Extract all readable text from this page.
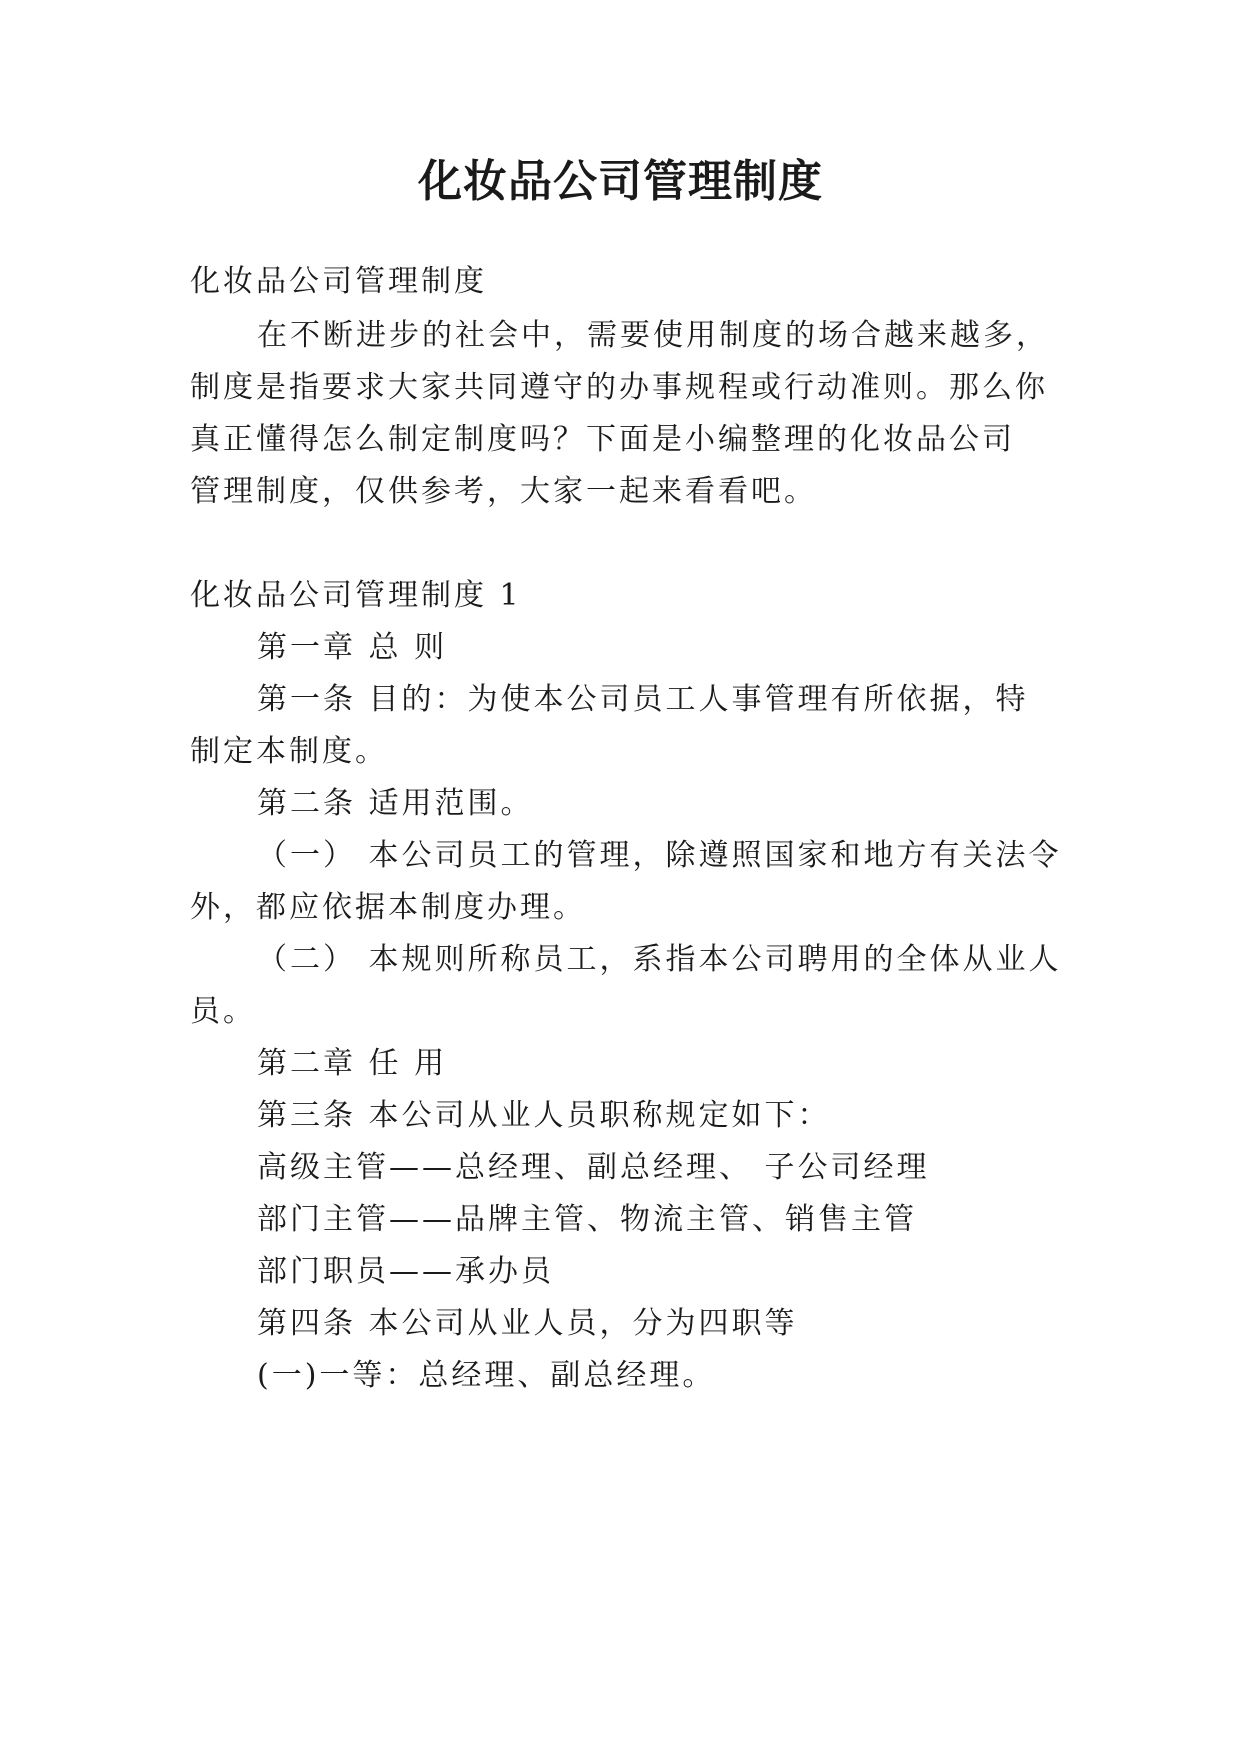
化妆品公司管理制度

化妆品公司管理制度

在不断进步的社会中，需要使用制度的场合越来越多，

制度是指要求大家共同遵守的办事规程或行动准则。那么你

真正懂得怎么制定制度吗？下面是小编整理的化妆品公司

管理制度，仅供参考，大家一起来看看吧。

化妆品公司管理制度 1

第一章 总 则

第一条 目的：为使本公司员工人事管理有所依据，特

制定本制度。

第二条 适用范围。

（一） 本公司员工的管理，除遵照国家和地方有关法令

外，都应依据本制度办理。

（二） 本规则所称员工，系指本公司聘用的全体从业人

员。

第二章 任 用

第三条 本公司从业人员职称规定如下：

高级主管——总经理、副总经理、 子公司经理

部门主管——品牌主管、物流主管、销售主管

部门职员——承办员

第四条 本公司从业人员，分为四职等

(一)一等：总经理、副总经理。
